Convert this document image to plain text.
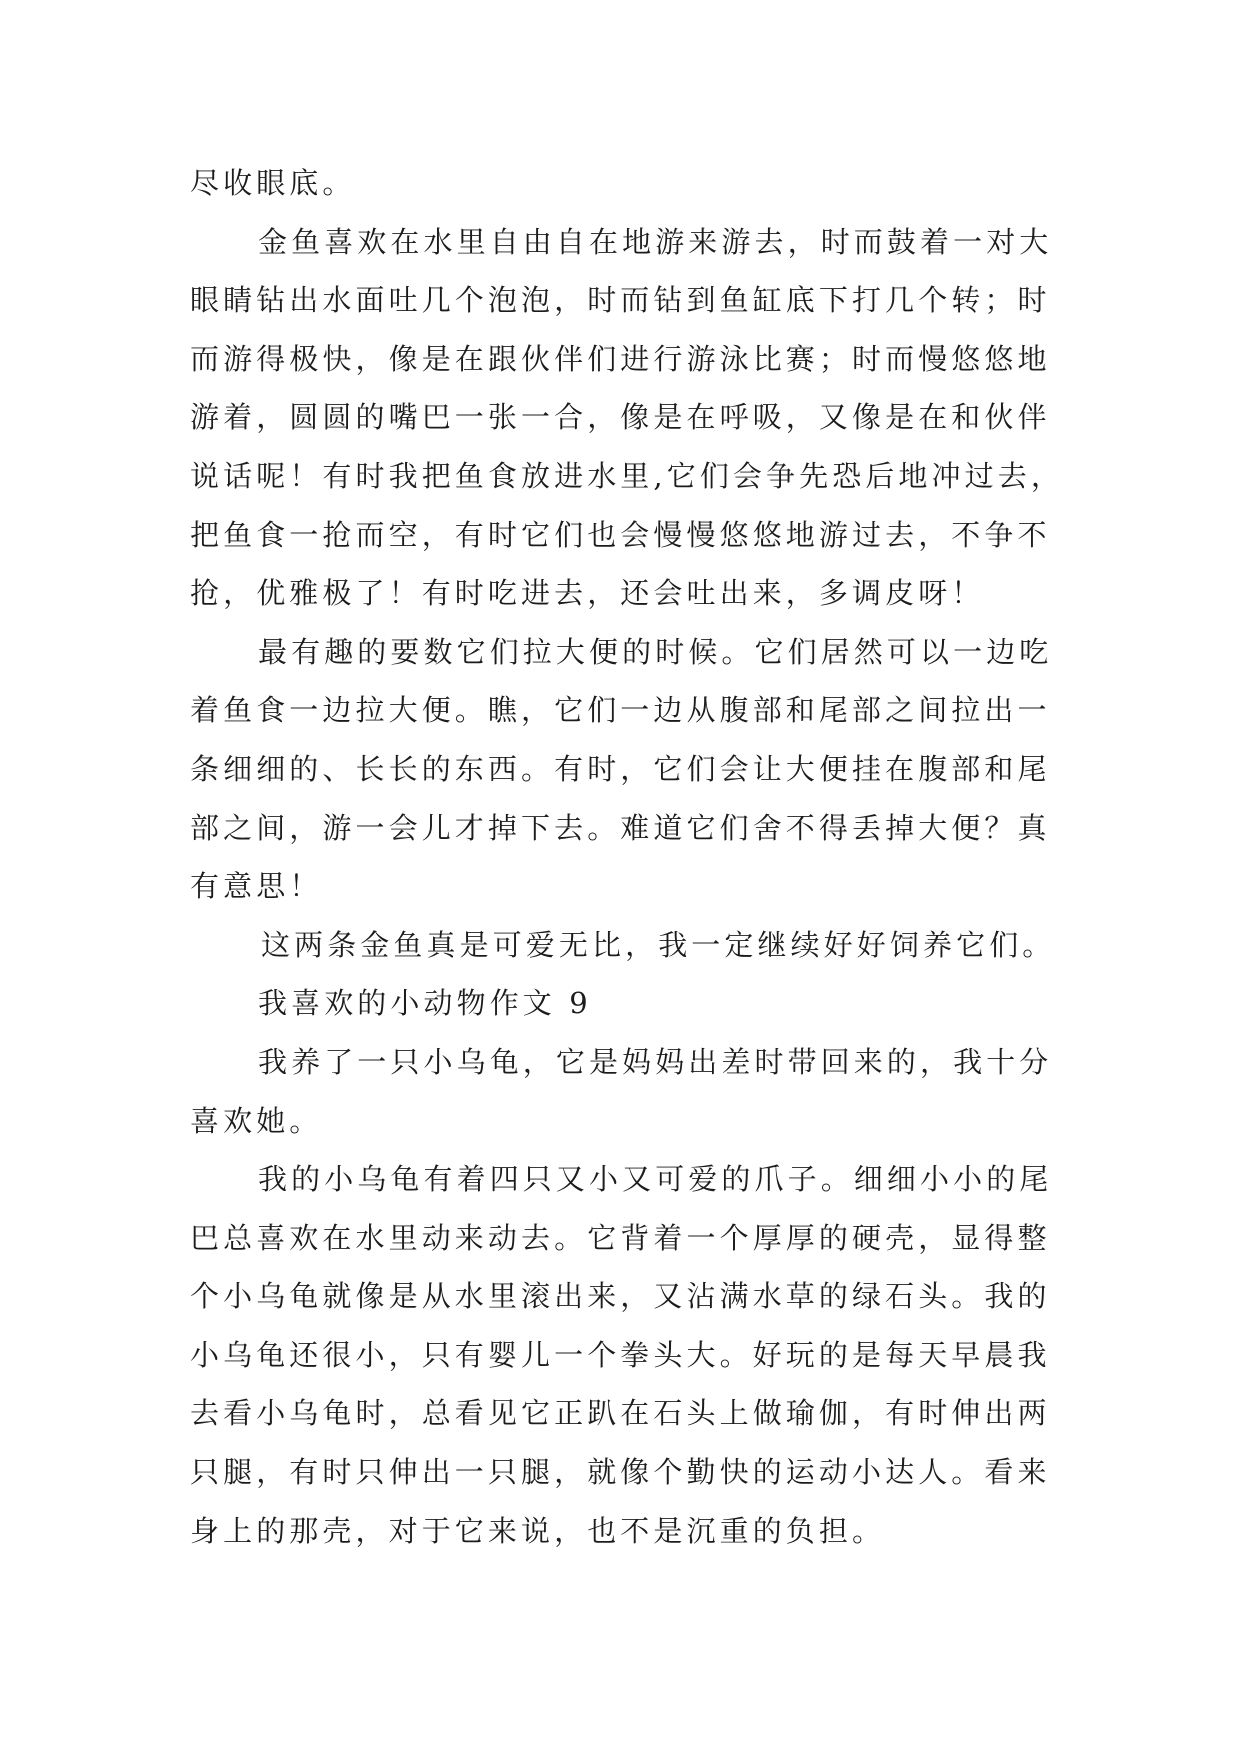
尽收眼底。
金鱼喜欢在水里自由自在地游来游去，时而鼓着一对大
眼睛钻出水面吐几个泡泡，时而钻到鱼缸底下打几个转；时
而游得极快，像是在跟伙伴们进行游泳比赛；时而慢悠悠地
游着，圆圆的嘴巴一张一合，像是在呼吸，又像是在和伙伴
说话呢！有时我把鱼食放进水里,它们会争先恐后地冲过去，
把鱼食一抢而空，有时它们也会慢慢悠悠地游过去，不争不
抢，优雅极了！有时吃进去，还会吐出来，多调皮呀！
最有趣的要数它们拉大便的时候。它们居然可以一边吃
着鱼食一边拉大便。瞧，它们一边从腹部和尾部之间拉出一
条细细的、长长的东西。有时，它们会让大便挂在腹部和尾
部之间，游一会儿才掉下去。难道它们舍不得丢掉大便？真
有意思！
这两条金鱼真是可爱无比，我一定继续好好饲养它们。
我喜欢的小动物作文 9
我养了一只小乌龟，它是妈妈出差时带回来的，我十分
喜欢她。
我的小乌龟有着四只又小又可爱的爪子。细细小小的尾
巴总喜欢在水里动来动去。它背着一个厚厚的硬壳，显得整
个小乌龟就像是从水里滚出来，又沾满水草的绿石头。我的
小乌龟还很小，只有婴儿一个拳头大。好玩的是每天早晨我
去看小乌龟时，总看见它正趴在石头上做瑜伽，有时伸出两
只腿，有时只伸出一只腿，就像个勤快的运动小达人。看来
身上的那壳，对于它来说，也不是沉重的负担。
